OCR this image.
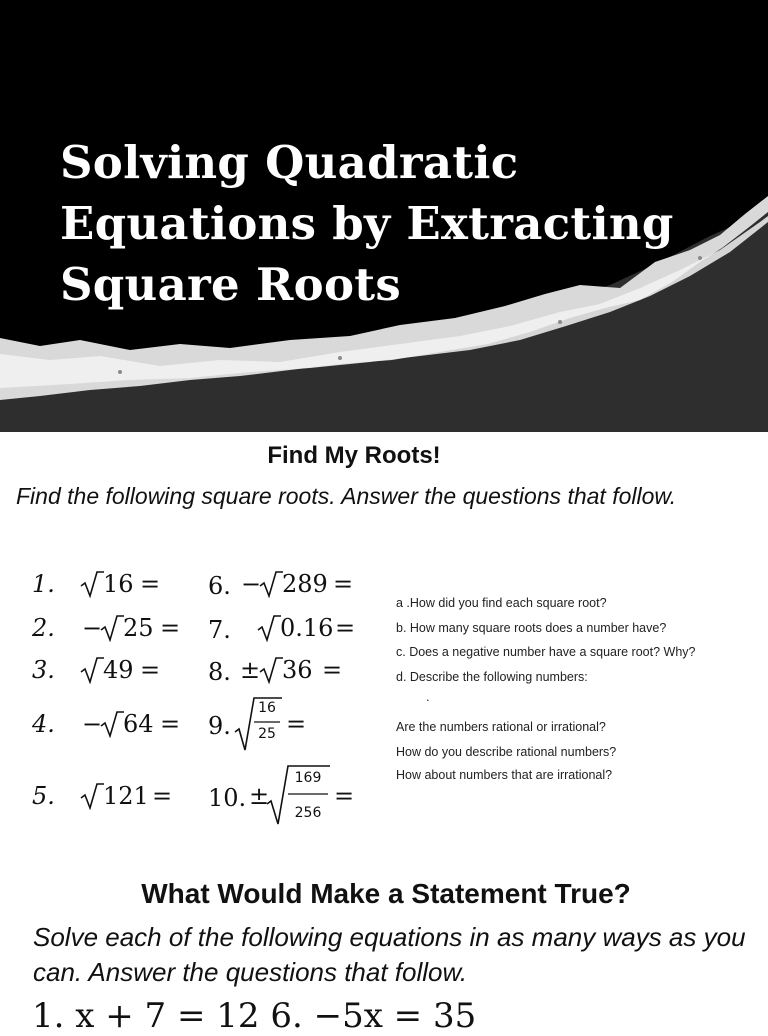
Solving Quadratic
Equations by Extracting
Square Roots
Find My Roots!
Find the following square roots. Answer the questions that follow.
1. 16 =
2. − 25 =
3. 49 =
4. − 64 =
5. 121 =
6. − 289 =
7. 0.16 =
8. ± 36 =
9.
16
25 =
10. ±
169
256
=
a .How did you find each square root?
b. How many square roots does a number have?
c. Does a negative number have a square root? Why?
d. Describe the following numbers:
.
Are the numbers rational or irrational?
How do you describe rational numbers?
How about numbers that are irrational?
What Would Make a Statement True?
Solve each of the following equations in as many ways as you can. Answer the questions that follow.
1. x + 7 = 12 6. −5x = 35
